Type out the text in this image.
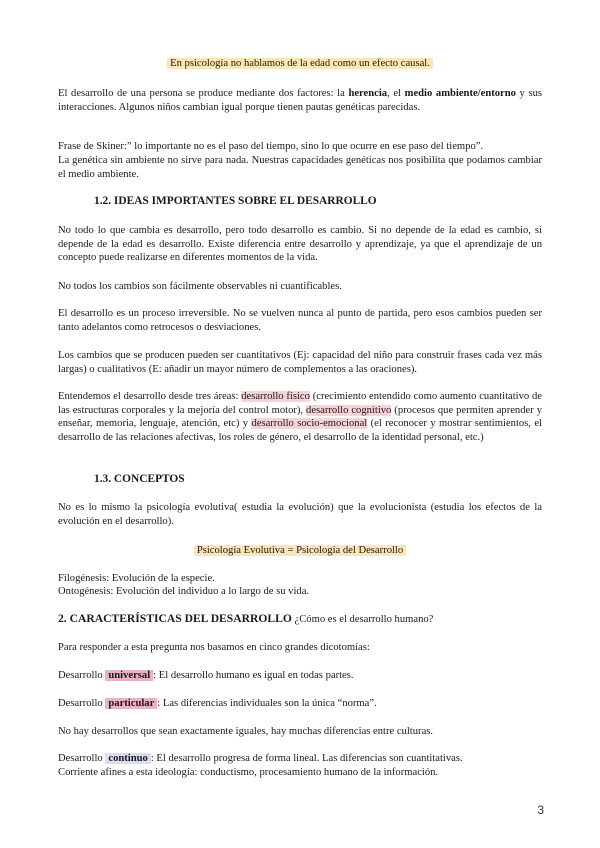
En psicología no hablamos de la edad como un efecto causal.

El desarrollo de una persona se produce mediante dos factores: la herencia, el medio ambiente/entorno y sus interacciones. Algunos niños cambian igual porque tienen pautas genéticas parecidas.

Frase de Skiner:” lo importante no es el paso del tiempo, sino lo que ocurre en ese paso del tiempo”.

La genética sin ambiente no sirve para nada. Nuestras capacidades genéticas nos posibilita que podamos cambiar el medio ambiente.

1.2. IDEAS IMPORTANTES SOBRE EL DESARROLLO

No todo lo que cambia es desarrollo, pero todo desarrollo es cambio. Si no depende de la edad es cambio, si depende de la edad es desarrollo. Existe diferencia entre desarrollo y aprendizaje, ya que el aprendizaje de un concepto puede realizarse en diferentes momentos de la vida.

No todos los cambios son fácilmente observables ni cuantificables.

El desarrollo es un proceso irreversible. No se vuelven nunca al punto de partida, pero esos cambios pueden ser tanto adelantos como retrocesos o desviaciones.

Los cambios que se producen pueden ser cuantitativos (Ej: capacidad del niño para construir frases cada vez más largas) o cualitativos (E: añadir un mayor número de complementos a las oraciones).

Entendemos el desarrollo desde tres áreas: desarrollo físico (crecimiento entendido como aumento cuantitativo de las estructuras corporales y la mejoría del control motor), desarrollo cognitivo (procesos que permiten aprender y enseñar, memoria, lenguaje, atención, etc) y desarrollo socio-emocional (el reconocer y mostrar sentimientos, el desarrollo de las relaciones afectivas, los roles de género, el desarrollo de la identidad personal, etc.)

1.3. CONCEPTOS

No es lo mismo la psicología evolutiva( estudia la evolución) que la evolucionista (estudia los efectos de la evolución en el desarrollo).

Psicología Evolutiva = Psicología del Desarrollo

Filogénesis: Evolución de la especie.

Ontogénesis: Evolución del individuo a lo largo de su vida.

2. CARACTERÍSTICAS DEL DESARROLLO ¿Cómo es el desarrollo humano?

Para responder a esta pregunta nos basamos en cinco grandes dicotomías:

Desarrollo universal : El desarrollo humano es igual en todas partes.

Desarrollo particular : Las diferencias individuales son la única “norma”.

No hay desarrollos que sean exactamente iguales, hay muchas diferencias entre culturas.

Desarrollo continuo : El desarrollo progresa de forma lineal. Las diferencias son cuantitativas.

Corriente afines a esta ideología: conductismo, procesamiento humano de la información.

3
